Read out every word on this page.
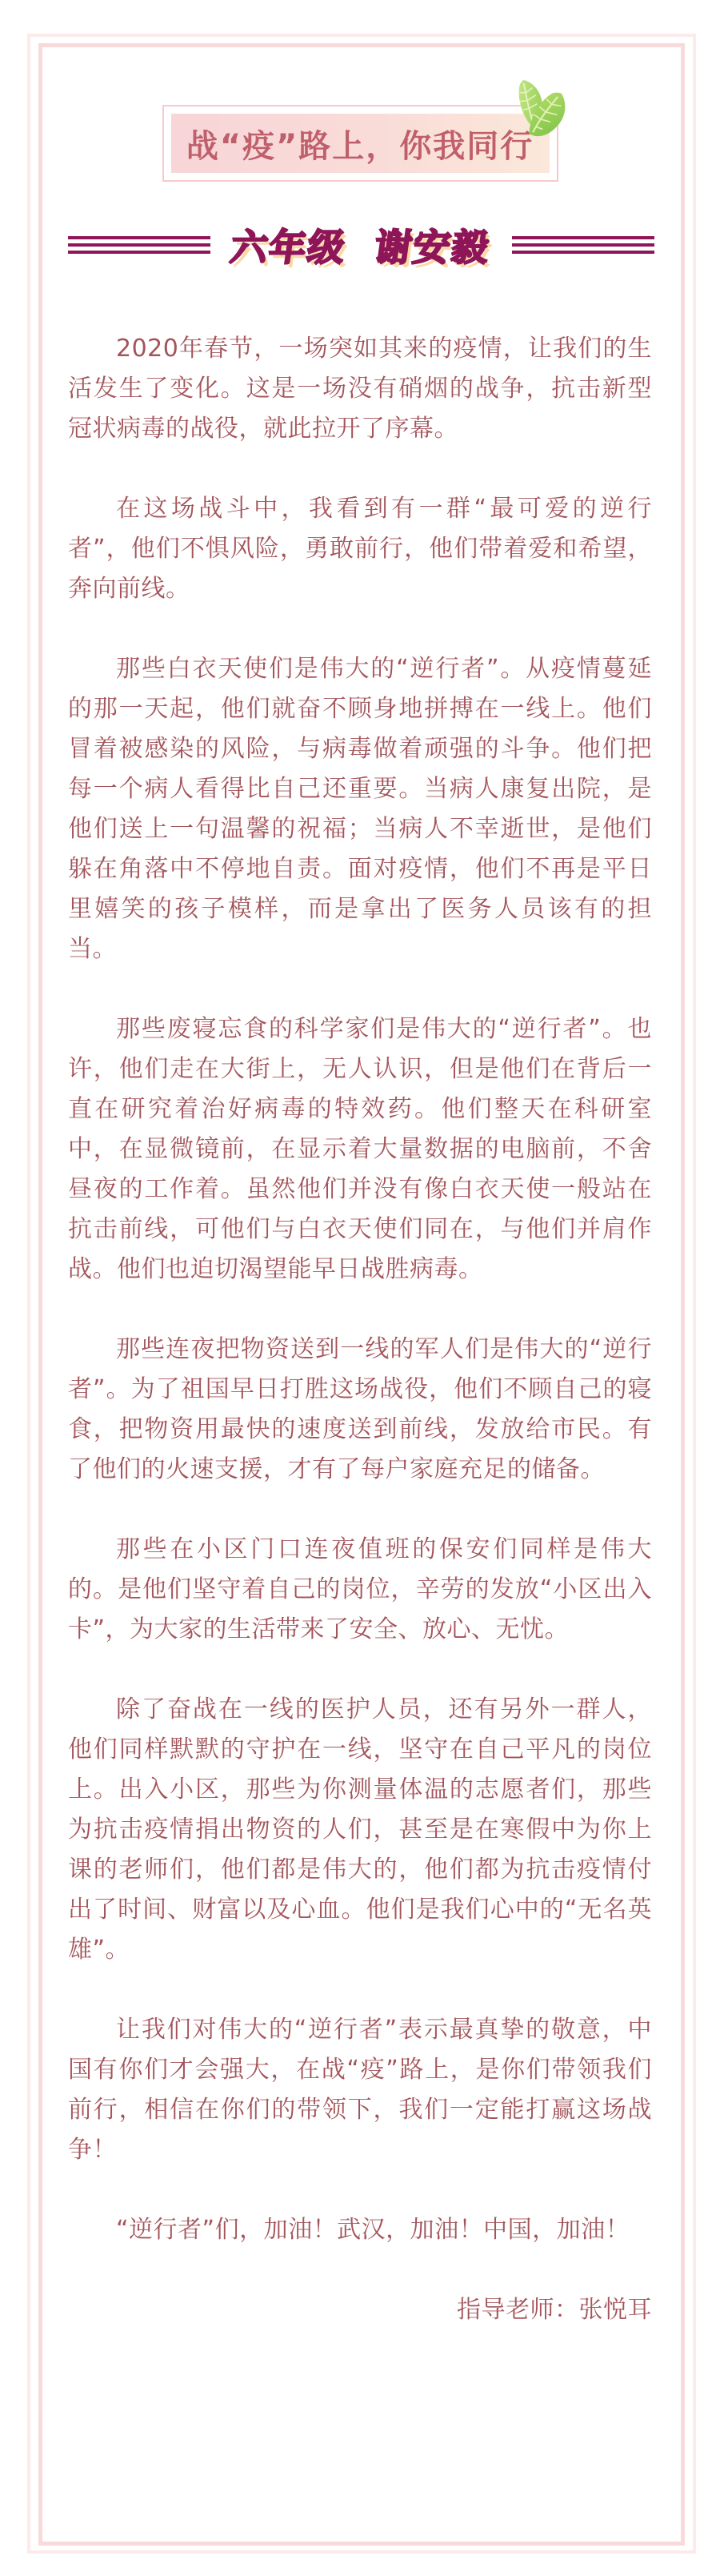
战“疫”路上，你我同行
六年级  谢安毅

2020年春节，一场突如其来的疫情，让我们的生活发生了变化。这是一场没有硝烟的战争，抗击新型冠状病毒的战役，就此拉开了序幕。

在这场战斗中，我看到有一群“最可爱的逆行者”，他们不惧风险，勇敢前行，他们带着爱和希望，奔向前线。

那些白衣天使们是伟大的“逆行者”。从疫情蔓延的那一天起，他们就奋不顾身地拼搏在一线上。他们冒着被感染的风险，与病毒做着顽强的斗争。他们把每一个病人看得比自己还重要。当病人康复出院，是他们送上一句温馨的祝福；当病人不幸逝世，是他们躲在角落中不停地自责。面对疫情，他们不再是平日里嬉笑的孩子模样，而是拿出了医务人员该有的担当。

那些废寝忘食的科学家们是伟大的“逆行者”。也许，他们走在大街上，无人认识，但是他们在背后一直在研究着治好病毒的特效药。他们整天在科研室中，在显微镜前，在显示着大量数据的电脑前，不舍昼夜的工作着。虽然他们并没有像白衣天使一般站在抗击前线，可他们与白衣天使们同在，与他们并肩作战。他们也迫切渴望能早日战胜病毒。

那些连夜把物资送到一线的军人们是伟大的“逆行者”。为了祖国早日打胜这场战役，他们不顾自己的寝食，把物资用最快的速度送到前线，发放给市民。有了他们的火速支援，才有了每户家庭充足的储备。

那些在小区门口连夜值班的保安们同样是伟大的。是他们坚守着自己的岗位，辛劳的发放“小区出入卡”，为大家的生活带来了安全、放心、无忧。

除了奋战在一线的医护人员，还有另外一群人，他们同样默默的守护在一线，坚守在自己平凡的岗位上。出入小区，那些为你测量体温的志愿者们，那些为抗击疫情捐出物资的人们，甚至是在寒假中为你上课的老师们，他们都是伟大的，他们都为抗击疫情付出了时间、财富以及心血。他们是我们心中的“无名英雄”。

让我们对伟大的“逆行者”表示最真挚的敬意，中国有你们才会强大，在战“疫”路上，是你们带领我们前行，相信在你们的带领下，我们一定能打赢这场战争！

“逆行者”们，加油！武汉，加油！中国，加油！

指导老师：张悦耳
